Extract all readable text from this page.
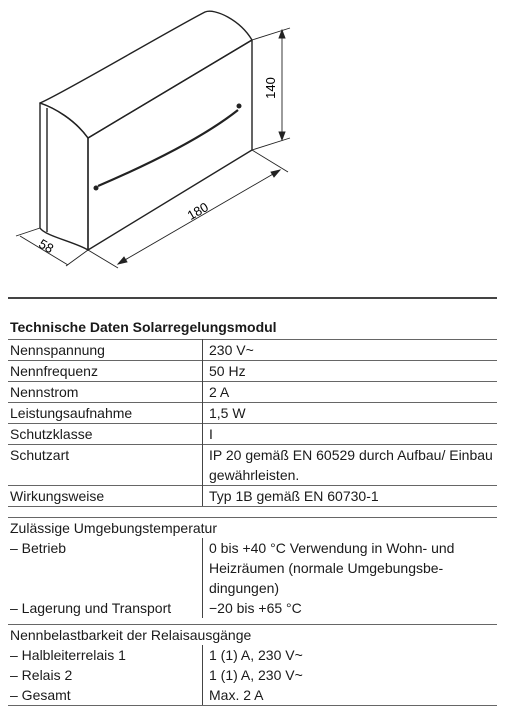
140
180
58
Technische Daten Solarregelungsmodul
Nennspannung	230 V~
Nennfrequenz	50 Hz
Nennstrom	2 A
Leistungsaufnahme	1,5 W
Schutzklasse	I
Schutzart	IP 20 gemäß EN 60529 durch Aufbau/ Einbau gewährleisten.
Wirkungsweise	Typ 1B gemäß EN 60730-1
Zulässige Umgebungstemperatur
– Betrieb	0 bis +40 °C Verwendung in Wohn- und Heizräumen (normale Umgebungsbe- dingungen)
– Lagerung und Transport	−20 bis +65 °C
Nennbelastbarkeit der Relaisausgänge
– Halbleiterrelais 1	1 (1) A, 230 V~
– Relais 2	1 (1) A, 230 V~
– Gesamt	Max. 2 A
